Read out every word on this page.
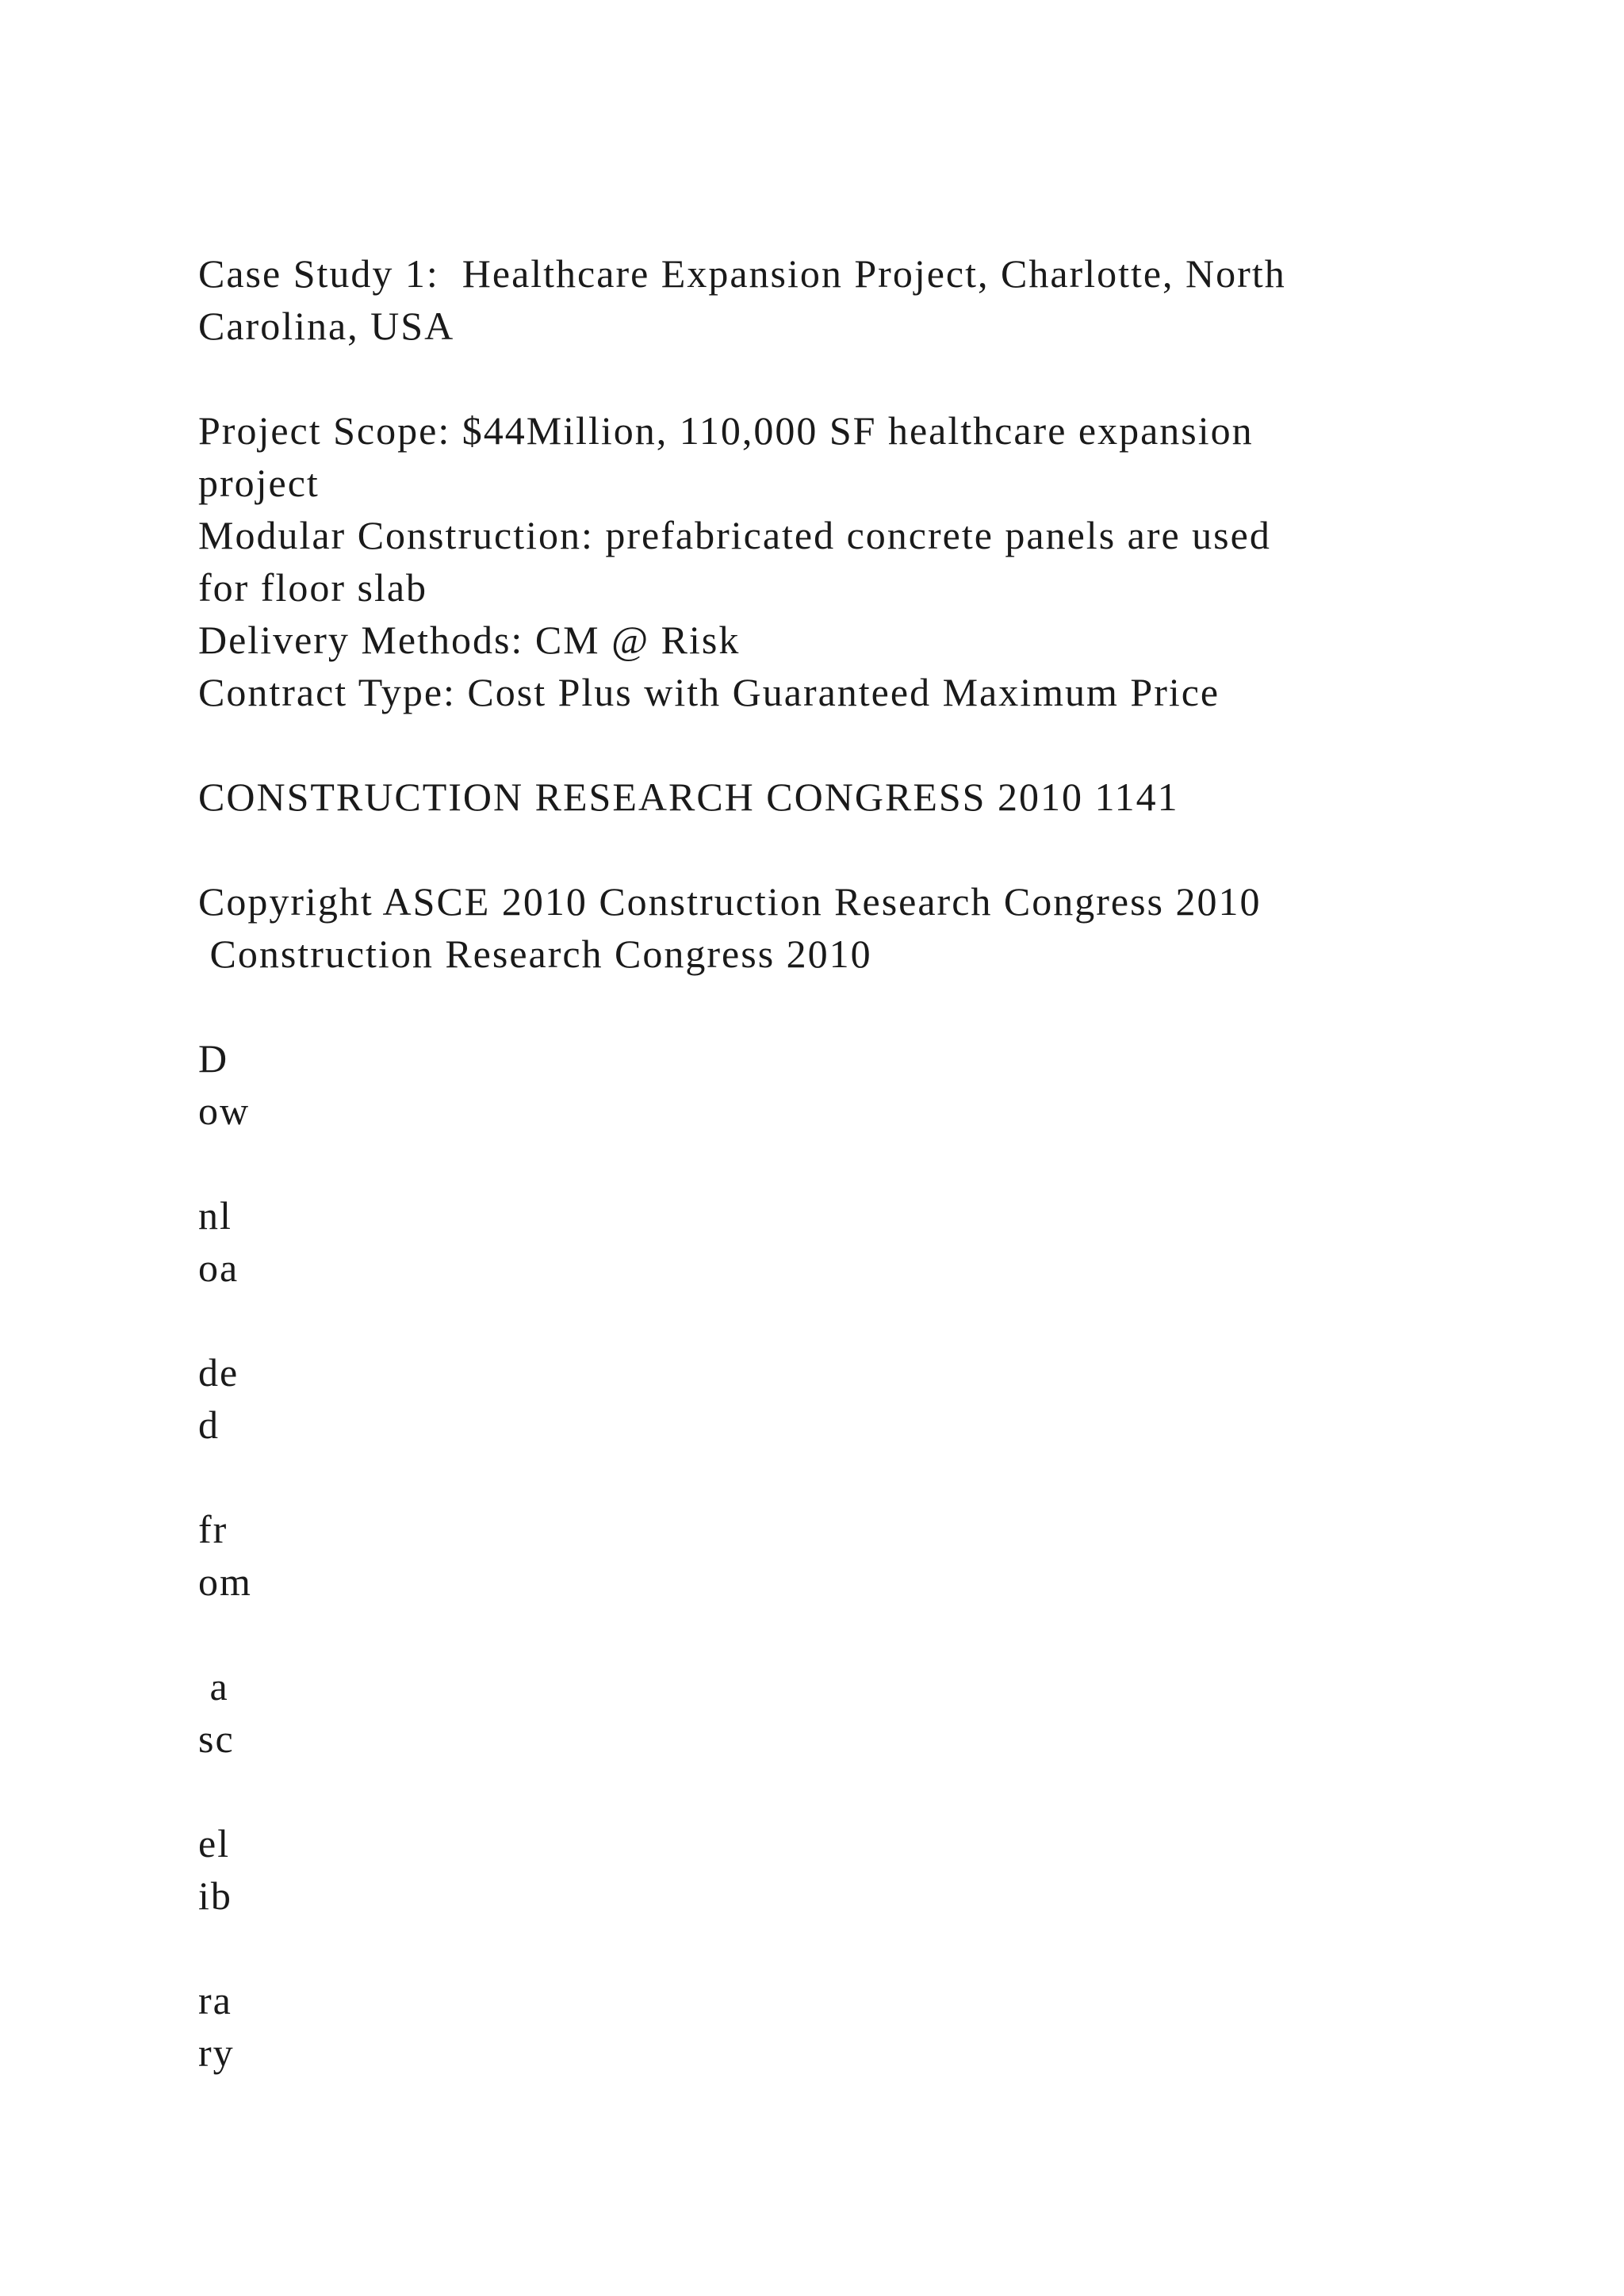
Case Study 1:  Healthcare Expansion Project, Charlotte, North
Carolina, USA
Project Scope: $44Million, 110,000 SF healthcare expansion
project
Modular Construction: prefabricated concrete panels are used
for floor slab
Delivery Methods: CM @ Risk
Contract Type: Cost Plus with Guaranteed Maximum Price
CONSTRUCTION RESEARCH CONGRESS 2010 1141
Copyright ASCE 2010 Construction Research Congress 2010
Construction Research Congress 2010
D
ow
nl
oa
de
d
fr
om
a
sc
el
ib
ra
ry
